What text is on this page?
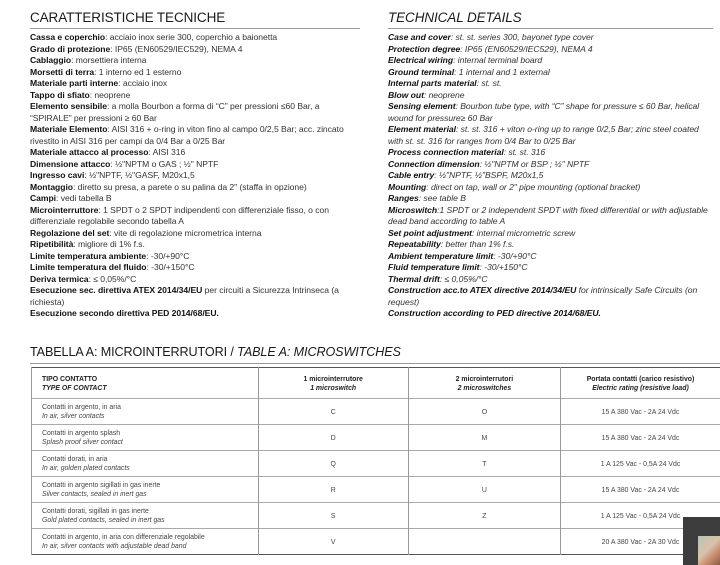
CARATTERISTICHE TECNICHE
Cassa e coperchio: acciaio inox serie 300, coperchio a baionetta
Grado di protezione: IP65 (EN60529/IEC529), NEMA 4
Cablaggio: morsettiera interna
Morsetti di terra: 1 interno ed 1 esterno
Materiale parti interne: acciaio inox
Tappo di sfiato: neoprene
Elemento sensibile: a molla Bourbon a forma di “C” per pressioni ≤60 Bar, a “SPIRALE” per pressioni ≥ 60 Bar
Materiale Elemento: AISI 316 + o-ring in viton fino al campo 0/2,5 Bar; acc. zincato rivestito in AISI 316 per campi da 0/4 Bar a 0/25 Bar
Materiale attacco al processo: AISI 316
Dimensione attacco: ½"NPTM o GAS ; ½" NPTF
Ingresso cavi: ½"NPTF, ½"GASF, M20x1,5
Montaggio: diretto su presa, a parete o su palina da 2" (staffa in opzione)
Campi: vedi tabella B
Microinterruttore: 1 SPDT o 2 SPDT indipendenti con differenziale fisso, o con differenziale regolabile secondo tabella A
Regolazione del set: vite di regolazione micrometrica interna
Ripetibilità: migliore di 1% f.s.
Limite temperatura ambiente: -30/+90°C
Limite temperatura del fluido: -30/+150°C
Deriva termica: ≤ 0,05%/°C
Esecuzione sec. direttiva ATEX 2014/34/EU per circuiti a Sicurezza Intrinseca (a richiesta)
Esecuzione secondo direttiva PED 2014/68/EU.
TECHNICAL DETAILS
Case and cover: st. st. series 300, bayonet type cover
Protection degree: IP65 (EN60529/IEC529), NEMA 4
Electrical wiring: internal terminal board
Ground terminal: 1 internal and 1 external
Internal parts material: st. st.
Blow out: neoprene
Sensing element: Bourbon tube type, with “C” shape for pressure ≤ 60 Bar, helical wound for pressure≥ 60 Bar
Element material: st. st. 316 + viton o-ring up to range 0/2,5 Bar; zinc steel coated with st. st. 316 for ranges from 0/4 Bar to 0/25 Bar
Process connection material: st. st. 316
Connection dimension: ½"NPTM or BSP ; ½" NPTF
Cable entry: ½"NPTF, ½"BSPF, M20x1,5
Mounting: direct on tap, wall or 2" pipe mounting (optional bracket)
Ranges: see table B
Microswitch:1 SPDT or 2 independent SPDT with fixed differential or with adjustable dead band according to table A
Set point adjustment: internal micrometric screw
Repeatability: better than 1% f.s.
Ambient temperature limit: -30/+90°C
Fluid temperature limit: -30/+150°C
Thermal drift: ≤ 0,05%/°C
Construction acc.to ATEX directive 2014/34/EU for intrinsically Safe Circuits (on request)
Construction according to PED directive 2014/68/EU.
TABELLA A: MICROINTERRUTORI / TABLE A: MICROSWITCHES
TIPO CONTATTO
TYPE OF CONTACT

1 microinterrutore
1 microswitch

2 microinterrutori
2 microswitches

Portata contatti (carico resistivo)
Electric rating (resistive load)

Contatti in argento, in aria
In air, silver contacts	C	O	15 A 380 Vac - 2A 24 Vdc

Contatti in argento splash
Splash proof silver contact	D	M	15 A 380 Vac - 2A 24 Vdc

Contatti dorati, in aria
In air, golden plated contacts	Q	T	1 A 125 Vac - 0,5A 24 Vdc

Contatti in argento sigillati in gas inerte
Silver contacts, sealed in inert gas	R	U	15 A 380 Vac - 2A 24 Vdc

Contatti dorati, sigillati in gas inerte
Gold plated contacts, sealed in inert gas	S	Z	1 A 125 Vac - 0,5A 24 Vdc

Contatti in argento, in aria con differenziale regolabile
In air, silver contacts with adjustable dead band	V		20 A 380 Vac - 2A 30 Vdc
